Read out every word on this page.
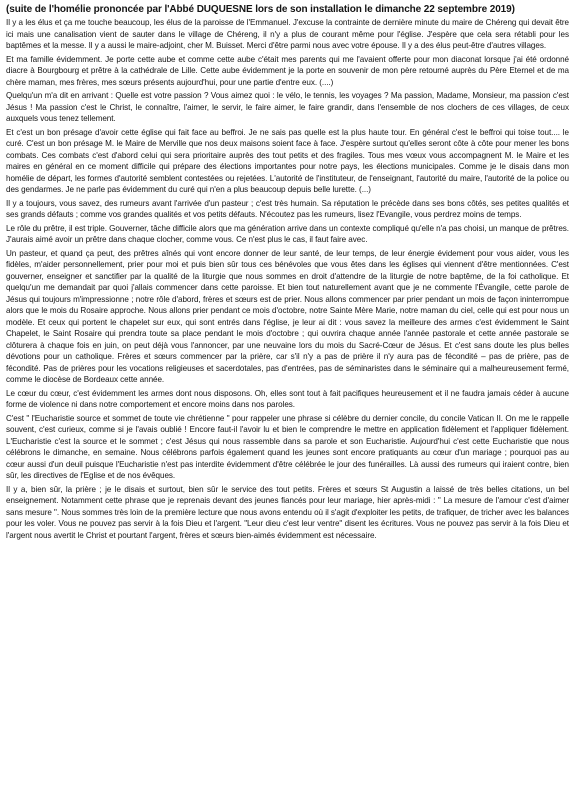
(suite de l'homélie prononcée par l'Abbé DUQUESNE lors de son installation le dimanche 22 septembre 2019)

Il y a les élus et ça me touche beaucoup, les élus de la paroisse de l'Emmanuel. J'excuse la contrainte de dernière minute du maire de Chéreng qui devait être ici mais une canalisation vient de sauter dans le village de Chéreng, il n'y a plus de courant même pour l'église. J'espère que cela sera rétabli pour les baptêmes et la messe. Il y a aussi le maire-adjoint, cher M. Buisset. Merci d'être parmi nous avec votre épouse. Il y a des élus peut-être d'autres villages.

Et ma famille évidemment. Je porte cette aube et comme cette aube c'était mes parents qui me l'avaient offerte pour mon diaconat lorsque j'ai été ordonné diacre à Bourgbourg et prêtre à la cathédrale de Lille. Cette aube évidemment je la porte en souvenir de mon père retourné auprès du Père Eternel et de ma chère maman, mes frères, mes sœurs présents aujourd'hui, pour une partie d'entre eux. (....)

Quelqu'un m'a dit en arrivant : Quelle est votre passion ? Vous aimez quoi : le vélo, le tennis, les voyages ? Ma passion, Madame, Monsieur, ma passion c'est Jésus ! Ma passion c'est le Christ, le connaître, l'aimer, le servir, le faire aimer, le faire grandir, dans l'ensemble de nos clochers de ces villages, de ceux auxquels vous tenez tellement.

Et c'est un bon présage d'avoir cette église qui fait face au beffroi. Je ne sais pas quelle est la plus haute tour. En général c'est le beffroi qui toise tout.... le curé. C'est un bon présage M. le Maire de Merville que nos deux maisons soient face à face. J'espère surtout qu'elles seront côte à côte pour mener les bons combats. Ces combats c'est d'abord celui qui sera prioritaire auprès des tout petits et des fragiles. Tous mes vœux vous accompagnent M. le Maire et les maires en général en ce moment difficile qui prépare des élections importantes pour notre pays, les élections municipales. Comme je le disais dans mon homélie de départ, les formes d'autorité semblent contestées ou rejetées. L'autorité de l'instituteur, de l'enseignant, l'autorité du maire, l'autorité de la police ou des gendarmes. Je ne parle pas évidemment du curé qui n'en a plus beaucoup depuis belle lurette. (...)

Il y a toujours, vous savez, des rumeurs avant l'arrivée d'un pasteur ; c'est très humain. Sa réputation le précède dans ses bons côtés, ses petites qualités et ses grands défauts ; comme vos grandes qualités et vos petits défauts. N'écoutez pas les rumeurs, lisez l'Evangile, vous perdrez moins de temps.

Le rôle du prêtre, il est triple. Gouverner, tâche difficile alors que ma génération arrive dans un contexte compliqué qu'elle n'a pas choisi, un manque de prêtres. J'aurais aimé avoir un prêtre dans chaque clocher, comme vous. Ce n'est plus le cas, il faut faire avec.

Un pasteur, et quand ça peut, des prêtres aînés qui vont encore donner de leur santé, de leur temps, de leur énergie évidement pour vous aider, vous les fidèles, m'aider personnellement, prier pour moi et puis bien sûr tous ces bénévoles que vous êtes dans les églises qui viennent d'être mentionnées. C'est gouverner, enseigner et sanctifier par la qualité de la liturgie que nous sommes en droit d'attendre de la liturgie de notre baptême, de la foi catholique. Et quelqu'un me demandait par quoi j'allais commencer dans cette paroisse. Et bien tout naturellement avant que je ne commente l'Évangile, cette parole de Jésus qui toujours m'impressionne ; notre rôle d'abord, frères et sœurs est de prier. Nous allons commencer par prier pendant un mois de façon ininterrompue alors que le mois du Rosaire approche. Nous allons prier pendant ce mois d'octobre, notre Sainte Mère Marie, notre maman du ciel, celle qui est pour nous un modèle. Et ceux qui portent le chapelet sur eux, qui sont entrés dans l'église, je leur ai dit : vous savez la meilleure des armes c'est évidemment le Saint Chapelet, le Saint Rosaire qui prendra toute sa place pendant le mois d'octobre ; qui ouvrira chaque année l'année pastorale et cette année pastorale se clôturera à chaque fois en juin, on peut déjà vous l'annoncer, par une neuvaine lors du mois du Sacré-Cœur de Jésus. Et c'est sans doute les plus belles dévotions pour un catholique. Frères et sœurs commencer par la prière, car s'il n'y a pas de prière il n'y aura pas de fécondité – pas de prière, pas de fécondité. Pas de prières pour les vocations religieuses et sacerdotales, pas d'entrées, pas de séminaristes dans le séminaire qui a malheureusement fermé, comme le diocèse de Bordeaux cette année.

Le cœur du cœur, c'est évidemment les armes dont nous disposons. Oh, elles sont tout à fait pacifiques heureusement et il ne faudra jamais céder à aucune forme de violence ni dans notre comportement et encore moins dans nos paroles.

C'est " l'Eucharistie source et sommet de toute vie chrétienne " pour rappeler une phrase si célèbre du dernier concile, du concile Vatican II. On me le rappelle souvent, c'est curieux, comme si je l'avais oublié ! Encore faut-il l'avoir lu et bien le comprendre le mettre en application fidèlement et l'appliquer fidèlement. L'Eucharistie c'est la source et le sommet ; c'est Jésus qui nous rassemble dans sa parole et son Eucharistie. Aujourd'hui c'est cette Eucharistie que nous célébrons le dimanche, en semaine. Nous célébrons parfois également quand les jeunes sont encore pratiquants au cœur d'un mariage ; pourquoi pas au cœur aussi d'un deuil puisque l'Eucharistie n'est pas interdite évidemment d'être célébrée le jour des funérailles. Là aussi des rumeurs qui iraient contre, bien sûr, les directives de l'Eglise et de nos évêques.

Il y a, bien sûr, la prière ; je le disais et surtout, bien sûr le service des tout petits. Frères et sœurs St Augustin a laissé de très belles citations, un bel enseignement. Notamment cette phrase que je reprenais devant des jeunes fiancés pour leur mariage, hier après-midi : " La mesure de l'amour c'est d'aimer sans mesure ". Nous sommes très loin de la première lecture que nous avons entendu où il s'agit d'exploiter les petits, de trafiquer, de tricher avec les balances pour les voler. Vous ne pouvez pas servir à la fois Dieu et l'argent. "Leur dieu c'est leur ventre" disent les écritures. Vous ne pouvez pas servir à la fois Dieu et l'argent nous avertit le Christ et pourtant l'argent, frères et sœurs bien-aimés évidemment est nécessaire.
